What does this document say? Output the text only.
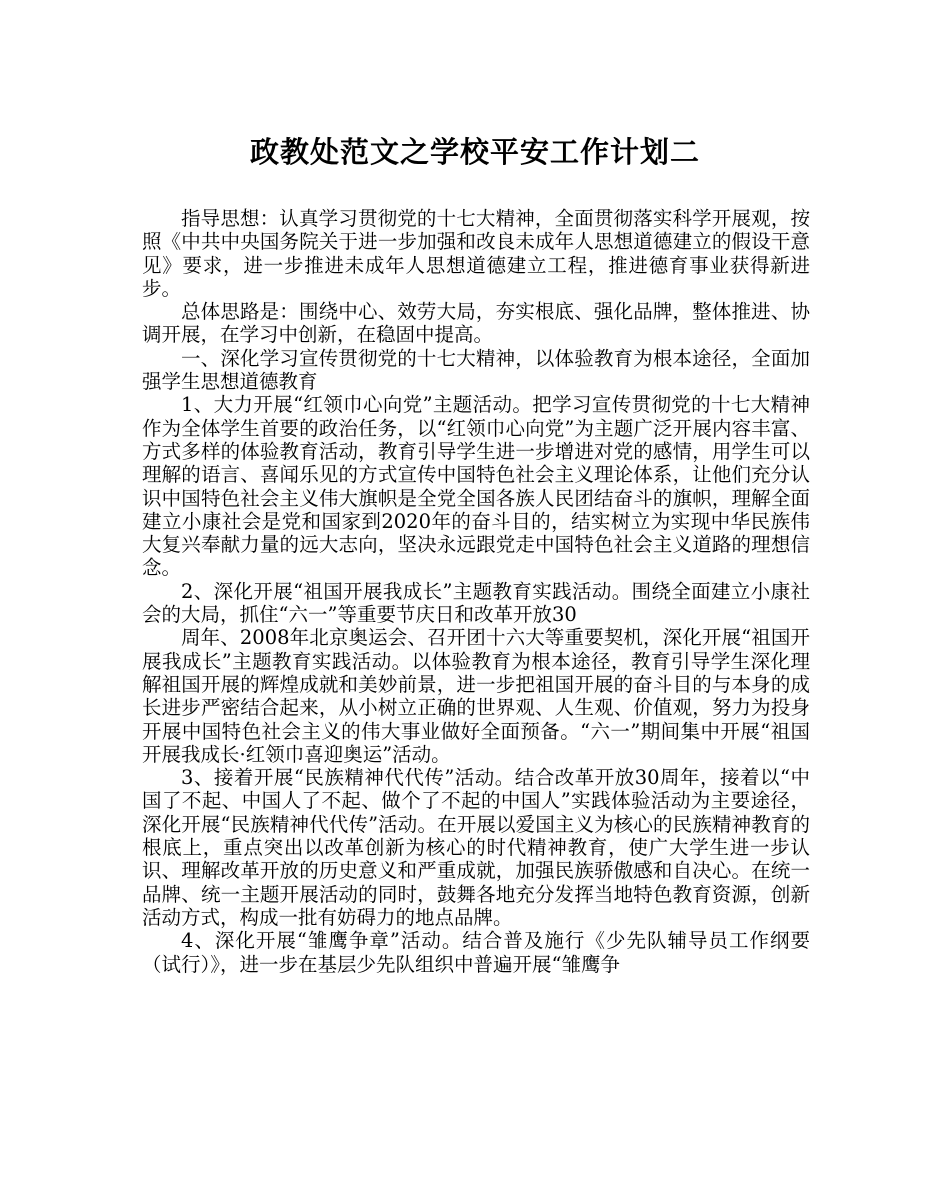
政教处范文之学校平安工作计划二

指导思想：认真学习贯彻党的十七大精神，全面贯彻落实科学开展观，按照《中共中央国务院关于进一步加强和改良未成年人思想道德建立的假设干意见》要求，进一步推进未成年人思想道德建立工程，推进德育事业获得新进步。

总体思路是：围绕中心、效劳大局，夯实根底、强化品牌，整体推进、协调开展，在学习中创新，在稳固中提高。

一、深化学习宣传贯彻党的十七大精神，以体验教育为根本途径，全面加强学生思想道德教育

1、大力开展“红领巾心向党”主题活动。把学习宣传贯彻党的十七大精神作为全体学生首要的政治任务，以“红领巾心向党”为主题广泛开展内容丰富、方式多样的体验教育活动，教育引导学生进一步增进对党的感情，用学生可以理解的语言、喜闻乐见的方式宣传中国特色社会主义理论体系，让他们充分认识中国特色社会主义伟大旗帜是全党全国各族人民团结奋斗的旗帜，理解全面建立小康社会是党和国家到2020年的奋斗目的，结实树立为实现中华民族伟大复兴奉献力量的远大志向，坚决永远跟党走中国特色社会主义道路的理想信念。

2、深化开展“祖国开展我成长”主题教育实践活动。围绕全面建立小康社会的大局，抓住“六一”等重要节庆日和改革开放30

周年、2008年北京奥运会、召开团十六大等重要契机，深化开展“祖国开展我成长”主题教育实践活动。以体验教育为根本途径，教育引导学生深化理解祖国开展的辉煌成就和美妙前景，进一步把祖国开展的奋斗目的与本身的成长进步严密结合起来，从小树立正确的世界观、人生观、价值观，努力为投身开展中国特色社会主义的伟大事业做好全面预备。“六一”期间集中开展“祖国开展我成长·红领巾喜迎奥运”活动。

3、接着开展“民族精神代代传”活动。结合改革开放30周年，接着以“中国了不起、中国人了不起、做个了不起的中国人”实践体验活动为主要途径，深化开展“民族精神代代传”活动。在开展以爱国主义为核心的民族精神教育的根底上，重点突出以改革创新为核心的时代精神教育，使广大学生进一步认识、理解改革开放的历史意义和严重成就，加强民族骄傲感和自决心。在统一品牌、统一主题开展活动的同时，鼓舞各地充分发挥当地特色教育资源，创新活动方式，构成一批有妨碍力的地点品牌。

4、深化开展“雏鹰争章”活动。结合普及施行《少先队辅导员工作纲要（试行）》，进一步在基层少先队组织中普遍开展“雏鹰争
